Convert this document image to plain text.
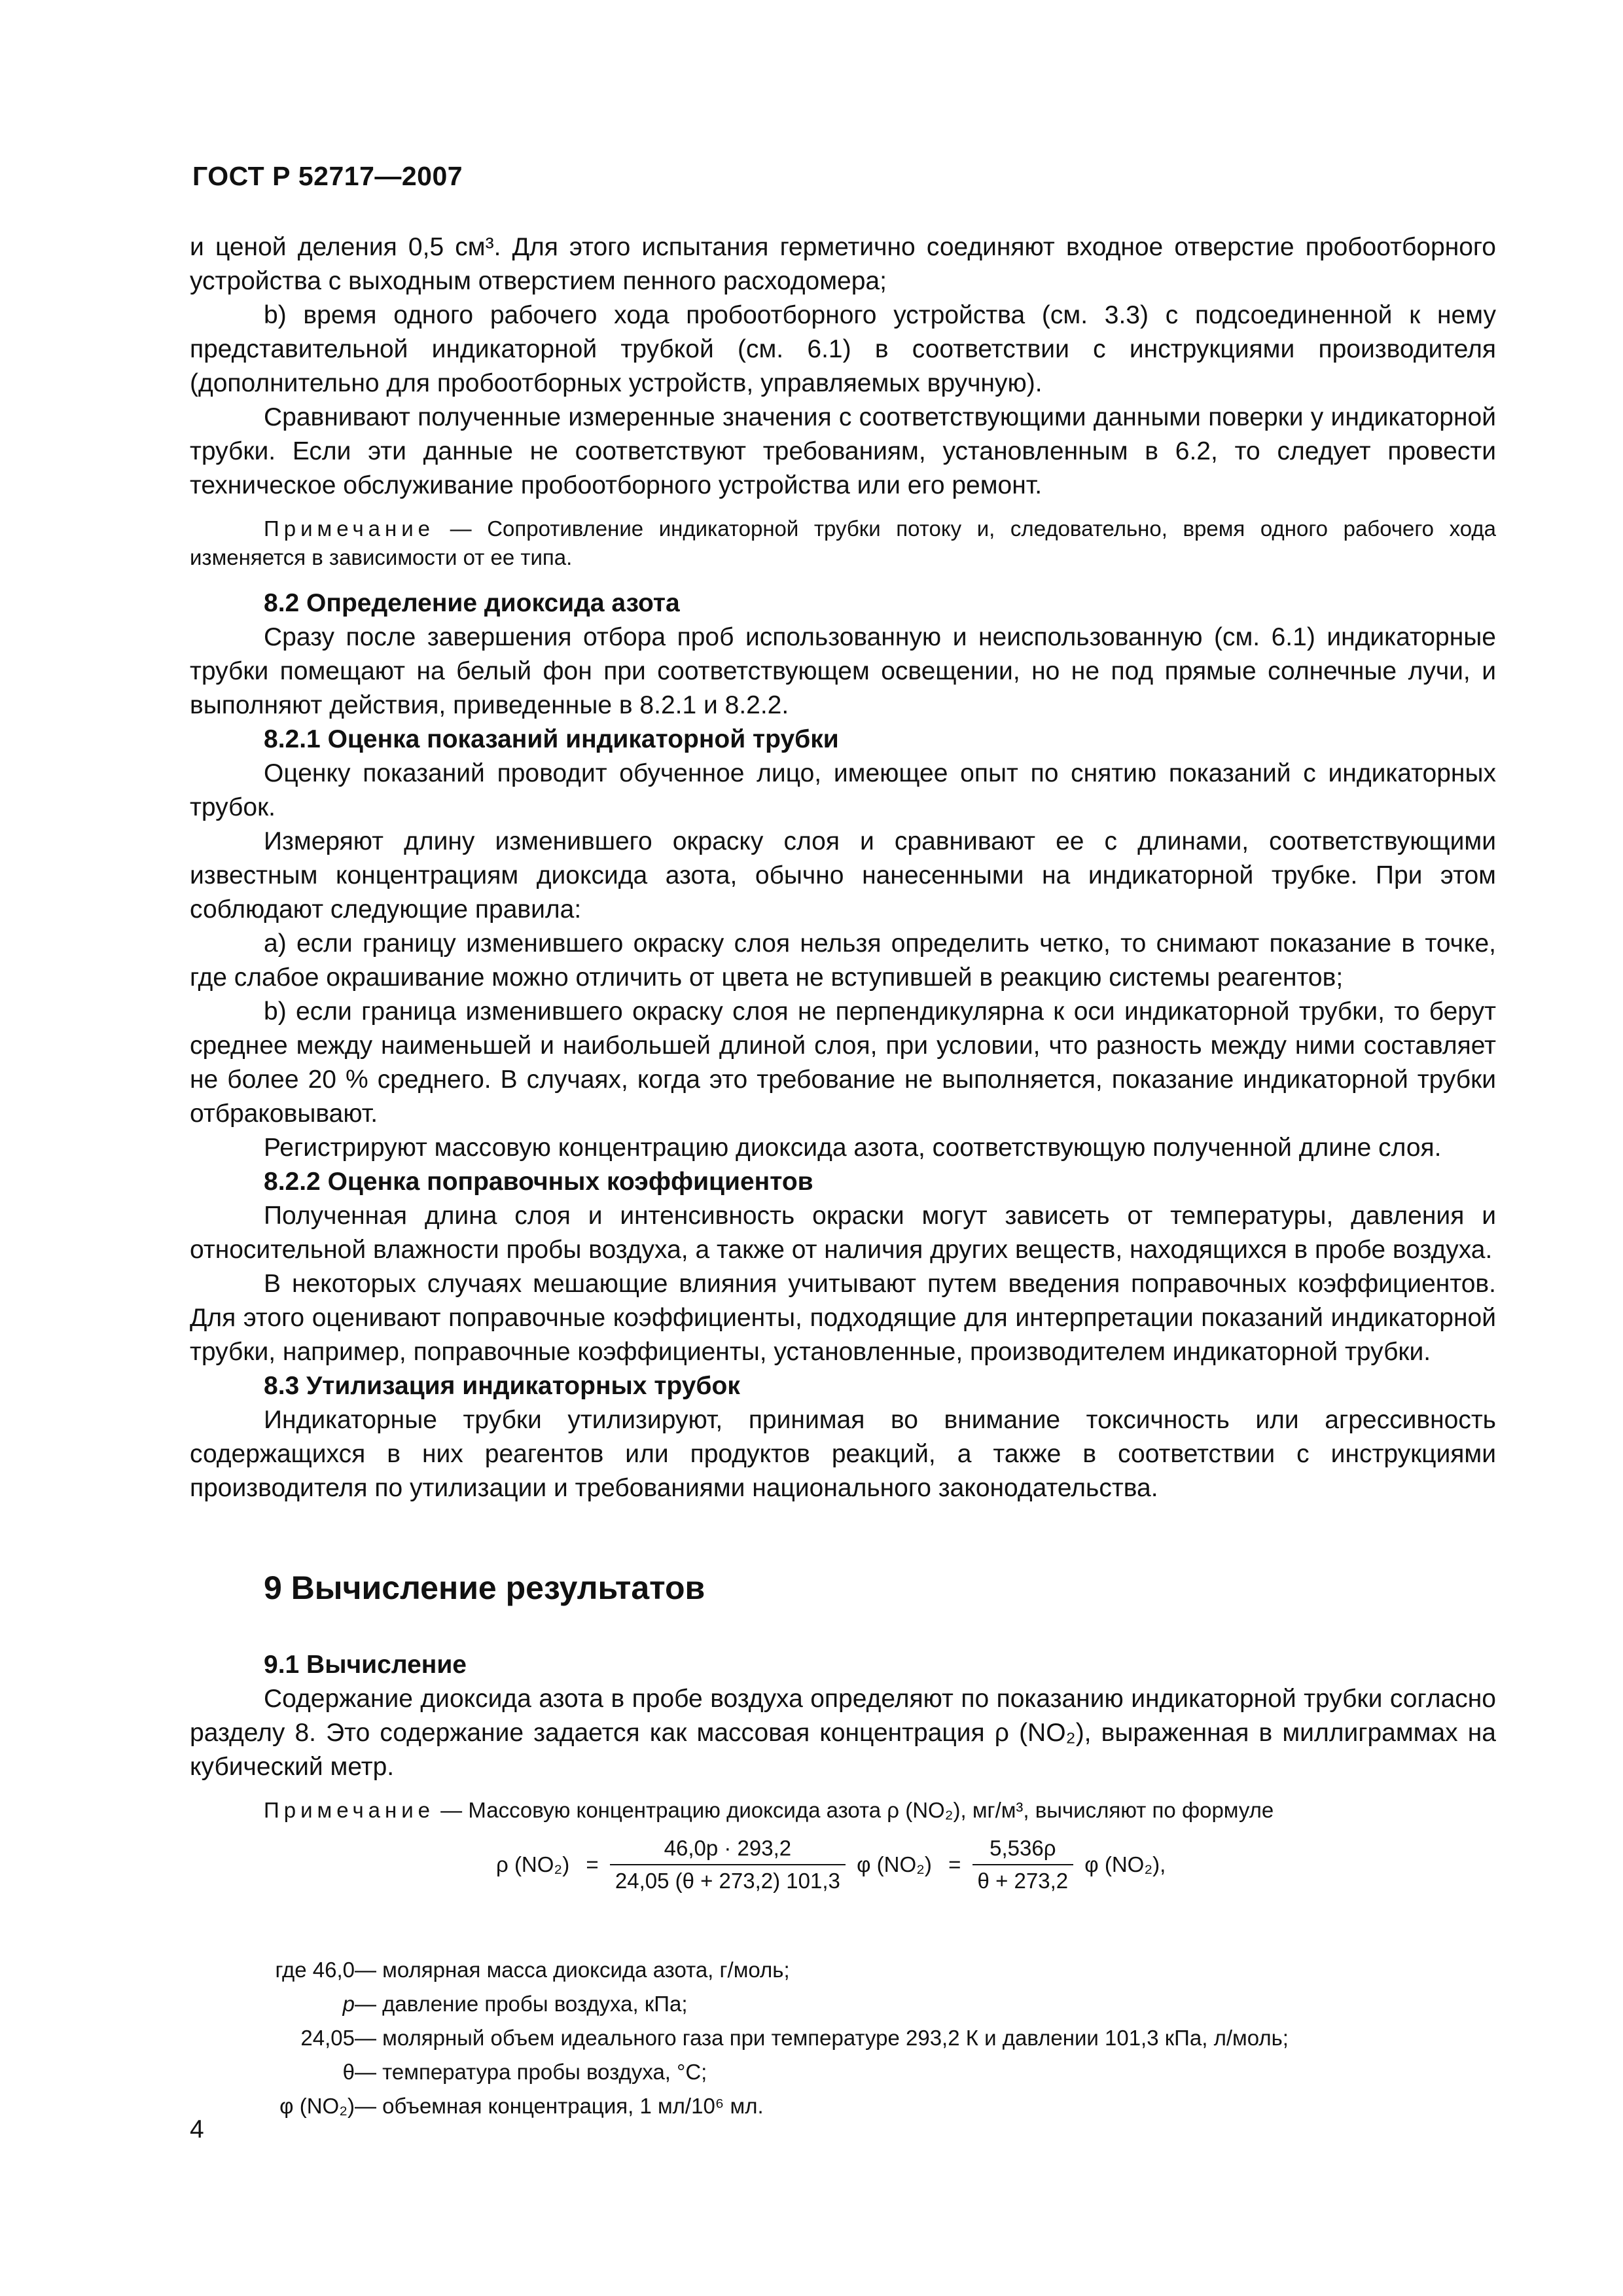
ГОСТ Р 52717—2007

и ценой деления 0,5 см³. Для этого испытания герметично соединяют входное отверстие пробоотборного устройства с выходным отверстием пенного расходомера;

b) время одного рабочего хода пробоотборного устройства (см. 3.3) с подсоединенной к нему представительной индикаторной трубкой (см. 6.1) в соответствии с инструкциями производителя (дополнительно для пробоотборных устройств, управляемых вручную).

Сравнивают полученные измеренные значения с соответствующими данными поверки у индикаторной трубки. Если эти данные не соответствуют требованиям, установленным в 6.2, то следует провести техническое обслуживание пробоотборного устройства или его ремонт.

Примечание — Сопротивление индикаторной трубки потоку и, следовательно, время одного рабочего хода изменяется в зависимости от ее типа.

8.2 Определение диоксида азота

Сразу после завершения отбора проб использованную и неиспользованную (см. 6.1) индикаторные трубки помещают на белый фон при соответствующем освещении, но не под прямые солнечные лучи, и выполняют действия, приведенные в 8.2.1 и 8.2.2.

8.2.1 Оценка показаний индикаторной трубки

Оценку показаний проводит обученное лицо, имеющее опыт по снятию показаний с индикаторных трубок.

Измеряют длину изменившего окраску слоя и сравнивают ее с длинами, соответствующими известным концентрациям диоксида азота, обычно нанесенными на индикаторной трубке. При этом соблюдают следующие правила:

a) если границу изменившего окраску слоя нельзя определить четко, то снимают показание в точке, где слабое окрашивание можно отличить от цвета не вступившей в реакцию системы реагентов;

b) если граница изменившего окраску слоя не перпендикулярна к оси индикаторной трубки, то берут среднее между наименьшей и наибольшей длиной слоя, при условии, что разность между ними составляет не более 20 % среднего. В случаях, когда это требование не выполняется, показание индикаторной трубки отбраковывают.

Регистрируют массовую концентрацию диоксида азота, соответствующую полученной длине слоя.

8.2.2 Оценка поправочных коэффициентов

Полученная длина слоя и интенсивность окраски могут зависеть от температуры, давления и относительной влажности пробы воздуха, а также от наличия других веществ, находящихся в пробе воздуха.

В некоторых случаях мешающие влияния учитывают путем введения поправочных коэффициентов. Для этого оценивают поправочные коэффициенты, подходящие для интерпретации показаний индикаторной трубки, например, поправочные коэффициенты, установленные, производителем индикаторной трубки.

8.3 Утилизация индикаторных трубок

Индикаторные трубки утилизируют, принимая во внимание токсичность или агрессивность содержащихся в них реагентов или продуктов реакций, а также в соответствии с инструкциями производителя по утилизации и требованиями национального законодательства.

9 Вычисление результатов

9.1 Вычисление

Содержание диоксида азота в пробе воздуха определяют по показанию индикаторной трубки согласно разделу 8. Это содержание задается как массовая концентрация ρ (NO₂), выраженная в миллиграммах на кубический метр.

Примечание — Массовую концентрацию диоксида азота ρ (NO₂), мг/м³, вычисляют по формуле

ρ $(NO_2) = \frac{46,0p \cdot 293,2}{24,05 (\theta + 273,2) 101,3}$ φ $(NO_2) = \frac{5,536\rho}{\theta + 273,2}$ φ (NO₂),
где 46,0 — молярная масса диоксида азота, г/моль;
p — давление пробы воздуха, кПа;
24,05 — молярный объем идеального газа при температуре 293,2 К и давлении 101,3 кПа, л/моль;
θ — температура пробы воздуха, °С;
φ (NO₂) — объемная концентрация, 1 мл/10⁶ мл.
4
